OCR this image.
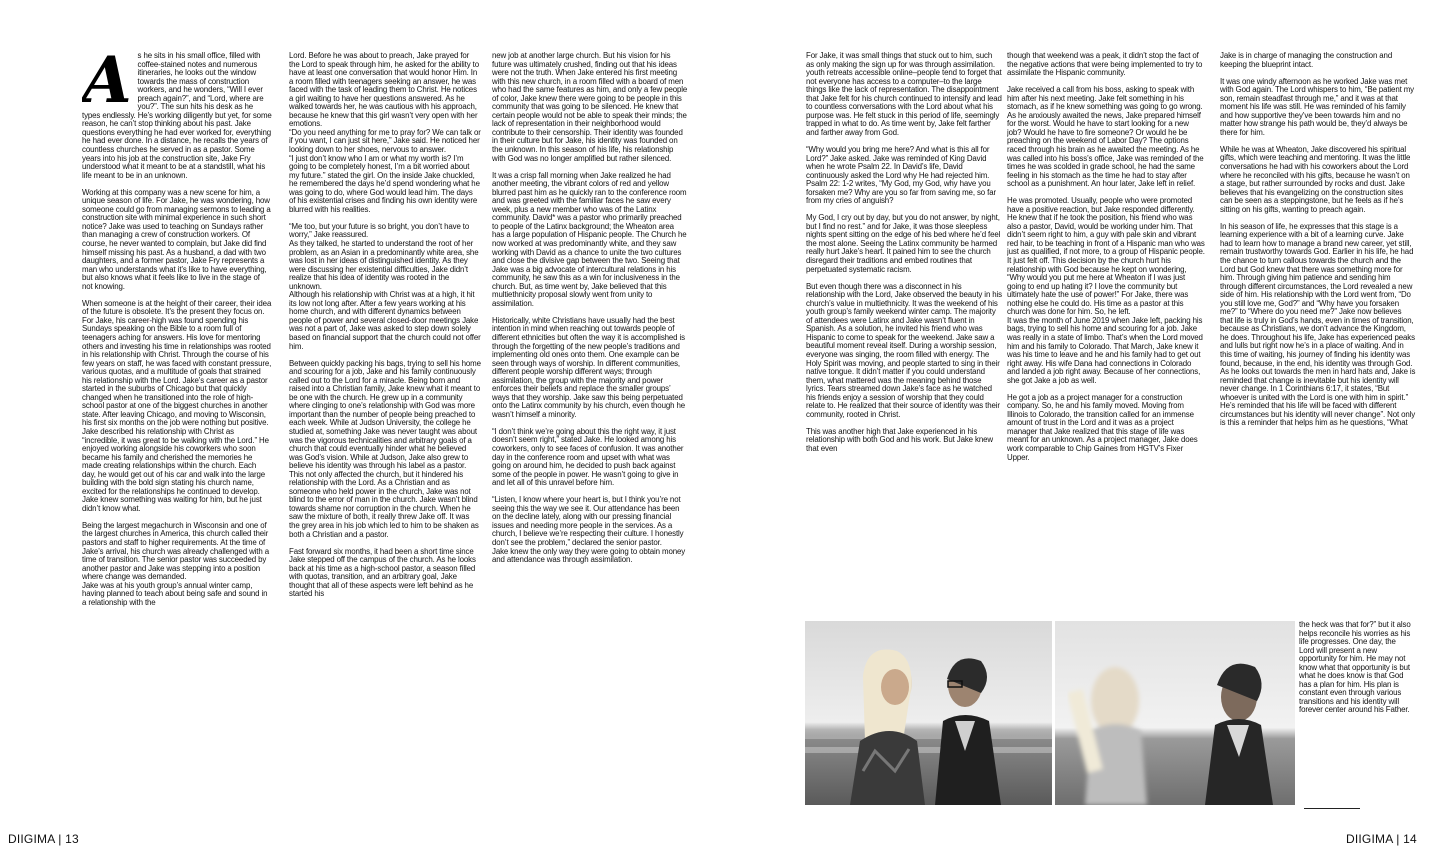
As he sits in his small office, filled with coffee-stained notes and numerous itineraries, he looks out the window towards the mass of construction workers, and he wonders, “Will I ever preach again?”, and “Lord, where are you?”. The sun hits his desk as he types endlessly. He’s working diligently but yet, for some reason, he can’t stop thinking about his past. Jake questions everything he had ever worked for, everything he had ever done. In a distance, he recalls the years of countless churches he served in as a pastor. Some years into his job at the construction site, Jake Fry understood what it meant to be at a standstill, what his life meant to be in an unknown.

Working at this company was a new scene for him, a unique season of life. For Jake, he was wondering, how someone could go from managing sermons to leading a construction site with minimal experience in such short notice? Jake was used to teaching on Sundays rather than managing a crew of construction workers. Of course, he never wanted to complain, but Jake did find himself missing his past. As a husband, a dad with two daughters, and a former pastor, Jake Fry represents a man who understands what it’s like to have everything, but also knows what it feels like to live in the stage of not knowing.

When someone is at the height of their career, their idea of the future is obsolete. It’s the present they focus on. For Jake, his career-high was found spending his Sundays speaking on the Bible to a room full of teenagers aching for answers. His love for mentoring others and investing his time in relationships was rooted in his relationship with Christ. Through the course of his few years on staff, he was faced with constant pressure, various quotas, and a multitude of goals that strained his relationship with the Lord. Jake’s career as a pastor started in the suburbs of Chicago but that quickly changed when he transitioned into the role of high-school pastor at one of the biggest churches in another state. After leaving Chicago, and moving to Wisconsin, his first six months on the job were nothing but positive. Jake described his relationship with Christ as “incredible, it was great to be walking with the Lord.” He enjoyed working alongside his coworkers who soon became his family and cherished the memories he made creating relationships within the church. Each day, he would get out of his car and walk into the large building with the bold sign stating his church name, excited for the relationships he continued to develop. Jake knew something was waiting for him, but he just didn’t know what.

Being the largest megachurch in Wisconsin and one of the largest churches in America, this church called their pastors and staff to higher requirements. At the time of Jake’s arrival, his church was already challenged with a time of transition. The senior pastor was succeeded by another pastor and Jake was stepping into a position where change was demanded.
Jake was at his youth group’s annual winter camp, having planned to teach about being safe and sound in a relationship with the

Lord. Before he was about to preach, Jake prayed for the Lord to speak through him, he asked for the ability to have at least one conversation that would honor Him. In a room filled with teenagers seeking an answer, he was faced with the task of leading them to Christ. He notices a girl waiting to have her questions answered. As he walked towards her, he was cautious with his approach, because he knew that this girl wasn’t very open with her emotions.
“Do you need anything for me to pray for? We can talk or if you want, I can just sit here,” Jake said. He noticed her looking down to her shoes, nervous to answer.
“I just don’t know who I am or what my worth is? I’m going to be completely honest, I’m a bit worried about my future.” stated the girl. On the inside Jake chuckled, he remembered the days he’d spend wondering what he was going to do, where God would lead him. The days of his existential crises and finding his own identity were blurred with his realities.

“Me too, but your future is so bright, you don’t have to worry,” Jake reassured.
As they talked, he started to understand the root of her problem, as an Asian in a predominantly white area, she was lost in her ideas of distinguished identity. As they were discussing her existential difficulties, Jake didn’t realize that his idea of identity was rooted in the unknown.
Although his relationship with Christ was at a high, it hit its low not long after. After a few years working at his home church, and with different dynamics between people of power and several closed-door meetings Jake was not a part of, Jake was asked to step down solely based on financial support that the church could not offer him.

Between quickly packing his bags, trying to sell his home and scouring for a job, Jake and his family continuously called out to the Lord for a miracle. Being born and raised into a Christian family, Jake knew what it meant to be one with the church. He grew up in a community where clinging to one’s relationship with God was more important than the number of people being preached to each week. While at Judson University, the college he studied at, something Jake was never taught was about was the vigorous technicalities and arbitrary goals of a church that could eventually hinder what he believed was God’s vision. While at Judson, Jake also grew to believe his identity was through his label as a pastor. This not only affected the church, but it hindered his relationship with the Lord. As a Christian and as someone who held power in the church, Jake was not blind to the error of man in the church. Jake wasn’t blind towards shame nor corruption in the church. When he saw the mixture of both, it really threw Jake off. It was the grey area in his job which led to him to be shaken as both a Christian and a pastor.

Fast forward six months, it had been a short time since Jake stepped off the campus of the church. As he looks back at his time as a high-school pastor, a season filled with quotas, transition, and an arbitrary goal, Jake thought that all of these aspects were left behind as he started his

new job at another large church. But his vision for his future was ultimately crushed, finding out that his ideas were not the truth. When Jake entered his first meeting with this new church, in a room filled with a board of men who had the same features as him, and only a few people of color, Jake knew there were going to be people in this community that was going to be silenced. He knew that certain people would not be able to speak their minds; the lack of representation in their neighborhood would contribute to their censorship. Their identity was founded in their culture but for Jake, his identity was founded on the unknown. In this season of his life, his relationship with God was no longer amplified but rather silenced.

It was a crisp fall morning when Jake realized he had another meeting, the vibrant colors of red and yellow blurred past him as he quickly ran to the conference room and was greeted with the familiar faces he saw every week, plus a new member who was of the Latinx community. David* was a pastor who primarily preached to people of the Latinx background; the Wheaton area has a large population of Hispanic people. The Church he now worked at was predominantly white, and they saw working with David as a chance to unite the two cultures and close the divisive gap between the two. Seeing that Jake was a big advocate of intercultural relations in his community, he saw this as a win for inclusiveness in the church. But, as time went by, Jake believed that this multiethnicity proposal slowly went from unity to assimilation.

Historically, white Christians have usually had the best intention in mind when reaching out towards people of different ethnicities but often the way it is accomplished is through the forgetting of the new people’s traditions and implementing old ones onto them. One example can be seen through ways of worship. In different communities, different people worship different ways; through assimilation, the group with the majority and power enforces their beliefs and replace the smaller groups’ ways that they worship. Jake saw this being perpetuated onto the Latinx community by his church, even though he wasn’t himself a minority.

“I don’t think we’re going about this the right way, it just doesn’t seem right,” stated Jake. He looked among his coworkers, only to see faces of confusion. It was another day in the conference room and upset with what was going on around him, he decided to push back against some of the people in power. He wasn’t going to give in and let all of this unravel before him.

“Listen, I know where your heart is, but I think you’re not seeing this the way we see it. Our attendance has been on the decline lately, along with our pressing financial issues and needing more people in the services. As a church, I believe we’re respecting their culture. I honestly don’t see the problem,” declared the senior pastor.
Jake knew the only way they were going to obtain money and attendance was through assimilation.

DIIGIMA | 13

For Jake, it was small things that stuck out to him, such as only making the sign up for was through assimilation. youth retreats accessible online–people tend to forget that not everyone has access to a computer–to the large things like the lack of representation. The disappointment that Jake felt for his church continued to intensify and lead to countless conversations with the Lord about what his purpose was. He felt stuck in this period of life, seemingly trapped in what to do. As time went by, Jake felt farther and farther away from God.

“Why would you bring me here? And what is this all for Lord?” Jake asked. Jake was reminded of King David when he wrote Psalm 22. In David’s life, David continuously asked the Lord why He had rejected him. Psalm 22: 1-2 writes, “My God, my God, why have you forsaken me? Why are you so far from saving me, so far from my cries of anguish?

My God, I cry out by day, but you do not answer, by night, but I find no rest.” and for Jake, it was those sleepless nights spent sitting on the edge of his bed where he’d feel the most alone. Seeing the Latinx community be harmed really hurt Jake’s heart. It pained him to see the church disregard their traditions and embed routines that perpetuated systematic racism.

But even though there was a disconnect in his relationship with the Lord, Jake observed the beauty in his church’s value in multiethnicity. It was the weekend of his youth group’s family weekend winter camp. The majority of attendees were Latinx and Jake wasn’t fluent in Spanish. As a solution, he invited his friend who was Hispanic to come to speak for the weekend. Jake saw a beautiful moment reveal itself. During a worship session, everyone was singing, the room filled with energy. The Holy Spirit was moving, and people started to sing in their native tongue. It didn’t matter if you could understand them, what mattered was the meaning behind those lyrics. Tears streamed down Jake’s face as he watched his friends enjoy a session of worship that they could relate to. He realized that their source of identity was their community, rooted in Christ.

This was another high that Jake experienced in his relationship with both God and his work. But Jake knew that even

though that weekend was a peak, it didn’t stop the fact of the negative actions that were being implemented to try to assimilate the Hispanic community.

Jake received a call from his boss, asking to speak with him after his next meeting. Jake felt something in his stomach, as if he knew something was going to go wrong. As he anxiously awaited the news, Jake prepared himself for the worst. Would he have to start looking for a new job? Would he have to fire someone? Or would he be preaching on the weekend of Labor Day? The options raced through his brain as he awaited the meeting. As he was called into his boss’s office, Jake was reminded of the times he was scolded in grade school, he had the same feeling in his stomach as the time he had to stay after school as a punishment. An hour later, Jake left in relief.

He was promoted. Usually, people who were promoted have a positive reaction, but Jake responded differently. He knew that if he took the position, his friend who was also a pastor, David, would be working under him. That didn’t seem right to him, a guy with pale skin and vibrant red hair, to be teaching in front of a Hispanic man who was just as qualified, if not more, to a group of Hispanic people. It just felt off. This decision by the church hurt his relationship with God because he kept on wondering, “Why would you put me here at Wheaton if I was just going to end up hating it? I love the community but ultimately hate the use of power!” For Jake, there was nothing else he could do. His time as a pastor at this church was done for him. So, he left.
It was the month of June 2019 when Jake left, packing his bags, trying to sell his home and scouring for a job. Jake was really in a state of limbo. That’s when the Lord moved him and his family to Colorado. That March, Jake knew it was his time to leave and he and his family had to get out right away. His wife Dana had connections in Colorado and landed a job right away. Because of her connections, she got Jake a job as well.

He got a job as a project manager for a construction company. So, he and his family moved. Moving from Illinois to Colorado, the transition called for an immense amount of trust in the Lord and it was as a project manager that Jake realized that this stage of life was meant for an unknown. As a project manager, Jake does work comparable to Chip Gaines from HGTV’s Fixer Upper.

Jake is in charge of managing the construction and keeping the blueprint intact.

It was one windy afternoon as he worked Jake was met with God again. The Lord whispers to him, “Be patient my son, remain steadfast through me,” and it was at that moment his life was still. He was reminded of his family and how supportive they’ve been towards him and no matter how strange his path would be, they’d always be there for him.

While he was at Wheaton, Jake discovered his spiritual gifts, which were teaching and mentoring. It was the little conversations he had with his coworkers about the Lord where he reconciled with his gifts, because he wasn’t on a stage, but rather surrounded by rocks and dust. Jake believes that his evangelizing on the construction sites can be seen as a steppingstone, but he feels as if he’s sitting on his gifts, wanting to preach again.

In his season of life, he expresses that this stage is a learning experience with a bit of a learning curve. Jake had to learn how to manage a brand new career, yet still, remain trustworthy towards God. Earlier in his life, he had the chance to turn callous towards the church and the Lord but God knew that there was something more for him. Through giving him patience and sending him through different circumstances, the Lord revealed a new side of him. His relationship with the Lord went from, “Do you still love me, God?” and “Why have you forsaken me?” to “Where do you need me?” Jake now believes that life is truly in God’s hands, even in times of transition, because as Christians, we don’t advance the Kingdom, he does. Throughout his life, Jake has experienced peaks and lulls but right now he’s in a place of waiting. And in this time of waiting, his journey of finding his identity was found, because, in the end, his identity was through God.
As he looks out towards the men in hard hats and, Jake is reminded that change is inevitable but his identity will never change. In 1 Corinthians 6:17, it states, “But whoever is united with the Lord is one with him in spirit.” He’s reminded that his life will be faced with different circumstances but his identity will never change”. Not only is this a reminder that helps him as he questions, “What

the heck was that for?” but it also helps reconcile his worries as his life progresses. One day, the Lord will present a new opportunity for him. He may not know what that opportunity is but what he does know is that God has a plan for him. His plan is constant even through various transitions and his identity will forever center around his Father.

DIIGIMA | 14
